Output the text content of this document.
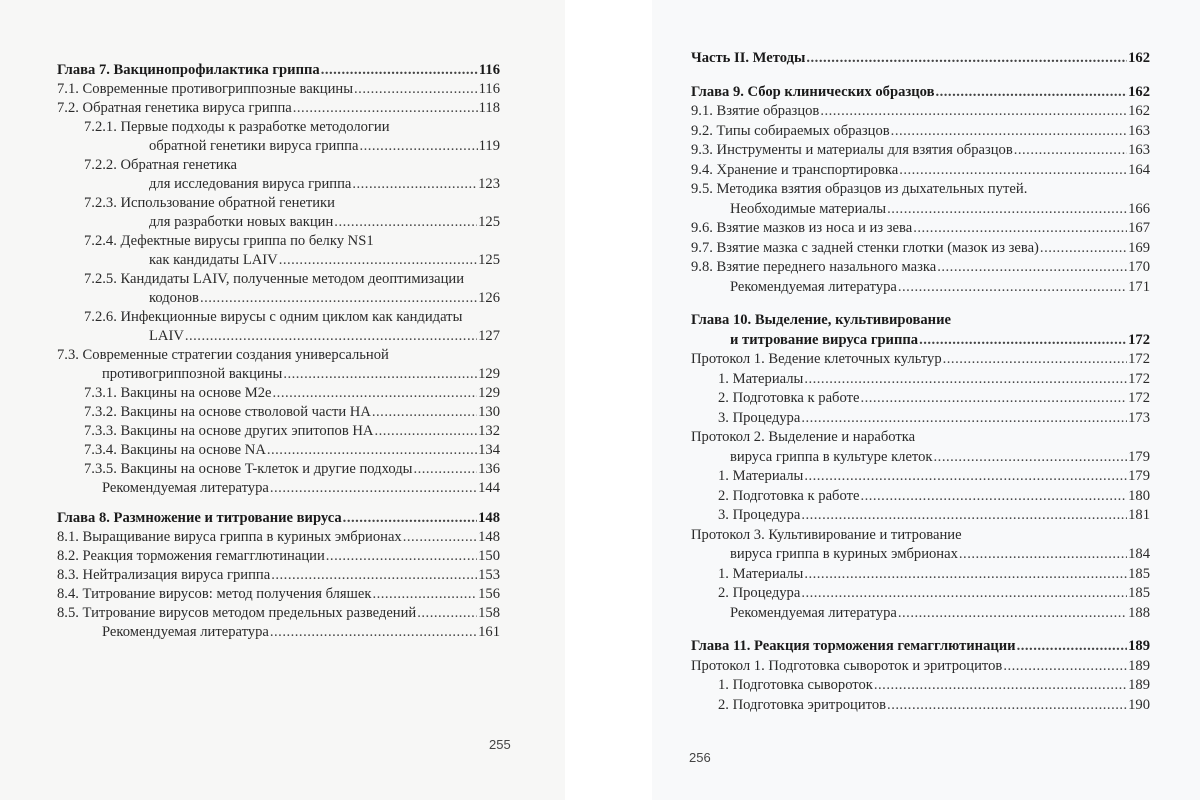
Глава 7. Вакцинопрофилактика гриппа .....	116
7.1. Современные противогриппозные вакцины .....	116
7.2. Обратная генетика вируса гриппа .....	118
7.2.1. Первые подходы к разработке методологии
обратной генетики вируса гриппа .....	119
7.2.2. Обратная генетика
для исследования вируса гриппа .....	123
7.2.3. Использование обратной генетики
для разработки новых вакцин .....	125
7.2.4. Дефектные вирусы гриппа по белку NS1
как кандидаты LAIV .....	125
7.2.5. Кандидаты LAIV, полученные методом деоптимизации
кодонов .....	126
7.2.6. Инфекционные вирусы с одним циклом как кандидаты
LAIV .....	127
7.3. Современные стратегии создания универсальной
противогриппозной вакцины .....	129
7.3.1. Вакцины на основе M2e .....	129
7.3.2. Вакцины на основе стволовой части HA .....	130
7.3.3. Вакцины на основе других эпитопов HA .....	132
7.3.4. Вакцины на основе NA .....	134
7.3.5. Вакцины на основе T-клеток и другие подходы .....	136
Рекомендуемая литература .....	144
Глава 8. Размножение и титрование вируса .....	148
8.1. Выращивание вируса гриппа в куриных эмбрионах .....	148
8.2. Реакция торможения гемагглютинации .....	150
8.3. Нейтрализация вируса гриппа .....	153
8.4. Титрование вирусов: метод получения бляшек .....	156
8.5. Титрование вирусов методом предельных разведений .....	158
Рекомендуемая литература .....	161
255
Часть II. Методы .....	162
Глава 9. Сбор клинических образцов .....	162
9.1. Взятие образцов .....	162
9.2. Типы собираемых образцов .....	163
9.3. Инструменты и материалы для взятия образцов .....	163
9.4. Хранение и транспортировка .....	164
9.5. Методика взятия образцов из дыхательных путей.
Необходимые материалы .....	166
9.6. Взятие мазков из носа и из зева .....	167
9.7. Взятие мазка с задней стенки глотки (мазок из зева) .....	169
9.8. Взятие переднего назального мазка .....	170
Рекомендуемая литература .....	171
Глава 10. Выделение, культивирование
и титрование вируса гриппа .....	172
Протокол 1. Ведение клеточных культур .....	172
1. Материалы .....	172
2. Подготовка к работе .....	172
3. Процедура .....	173
Протокол 2. Выделение и наработка
вируса гриппа в культуре клеток .....	179
1. Материалы .....	179
2. Подготовка к работе .....	180
3. Процедура .....	181
Протокол 3. Культивирование и титрование
вируса гриппа в куриных эмбрионах .....	184
1. Материалы .....	185
2. Процедура .....	185
Рекомендуемая литература .....	188
Глава 11. Реакция торможения гемагглютинации .....	189
Протокол 1. Подготовка сывороток и эритроцитов .....	189
1. Подготовка сывороток .....	189
2. Подготовка эритроцитов .....	190
256
